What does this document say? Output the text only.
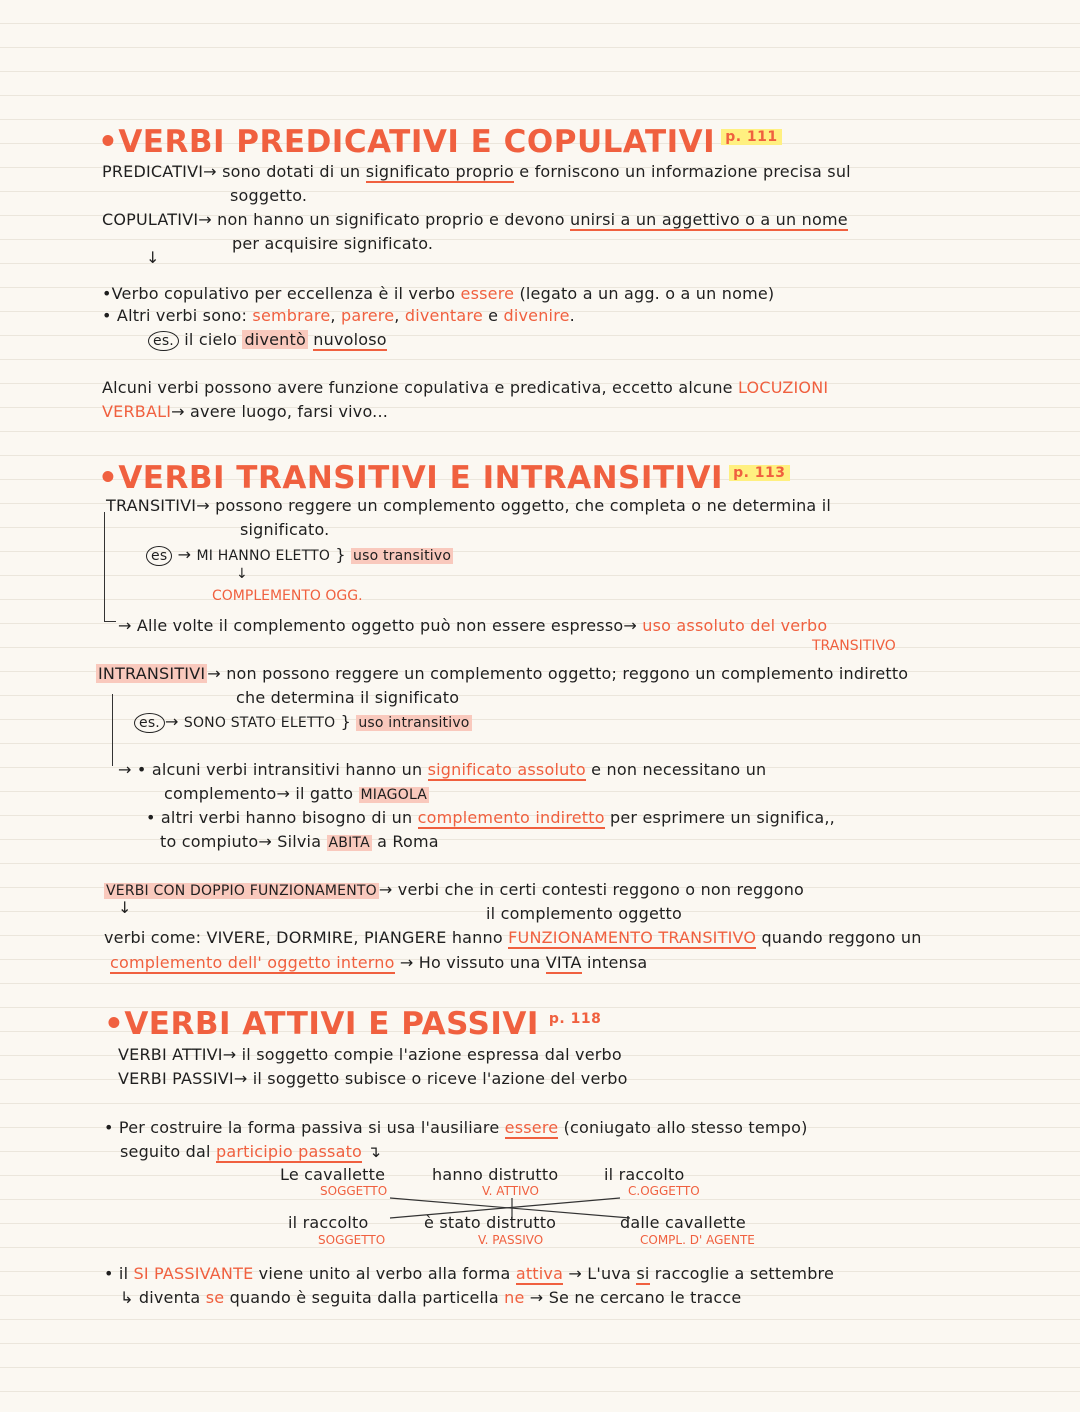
•VERBI PREDICATIVI E COPULATIVI $^{p. 111}$
PREDICATIVI→ sono dotati di un significato proprio e forniscono un informazione precisa sul
soggetto.
COPULATIVI→ non hanno un significato proprio e devono unirsi a un aggettivo o a un nome
per acquisire significato.
↓
•Verbo copulativo per eccellenza è il verbo essere (legato a un agg. o a un nome)
• Altri verbi sono: sembrare, parere, diventare e divenire.
es. il cielo diventò nuvoloso
Alcuni verbi possono avere funzione copulativa e predicativa, eccetto alcune LOCUZIONI
VERBALI→ avere luogo, farsi vivo...
•VERBI TRANSITIVI E INTRANSITIVI $^{p. 113}$
TRANSITIVI→ possono reggere un complemento oggetto, che completa o ne determina il
significato.
es → MI HANNO ELETTO } uso transitivo
↓
COMPLEMENTO OGG.
→ Alle volte il complemento oggetto può non essere espresso→ uso assoluto del verbo
TRANSITIVO
INTRANSITIVI → non possono reggere un complemento oggetto; reggono un complemento indiretto
che determina il significato
es. → SONO STATO ELETTO } uso intransitivo
→ • alcuni verbi intransitivi hanno un significato assoluto e non necessitano un
complemento→ il gatto MIAGOLA
• altri verbi hanno bisogno di un complemento indiretto per esprimere un significa,,
to compiuto→ Silvia ABITA a Roma
VERBI CON DOPPIO FUNZIONAMENTO → verbi che in certi contesti reggono o non reggono
↓	il complemento oggetto
verbi come: VIVERE, DORMIRE, PIANGERE hanno FUNZIONAMENTO TRANSITIVO quando reggono un
complemento dell' oggetto interno → Ho vissuto una VITA intensa
•VERBI ATTIVI E PASSIVI $^{p. 118}$
VERBI ATTIVI→ il soggetto compie l'azione espressa dal verbo
VERBI PASSIVI→ il soggetto subisce o riceve l'azione del verbo
• Per costruire la forma passiva si usa l'ausiliare essere (coniugato allo stesso tempo)
seguito dal participio passato ↴
Le cavallette	hanno distrutto	il raccolto
SOGGETTO	V. ATTIVO	C.OGGETTO
il raccolto	è stato distrutto	dalle cavallette
SOGGETTO	V. PASSIVO	COMPL. D' AGENTE
• il SI PASSIVANTE viene unito al verbo alla forma attiva → L'uva si raccoglie a settembre
↳ diventa se quando è seguita dalla particella ne → Se ne cercano le tracce
